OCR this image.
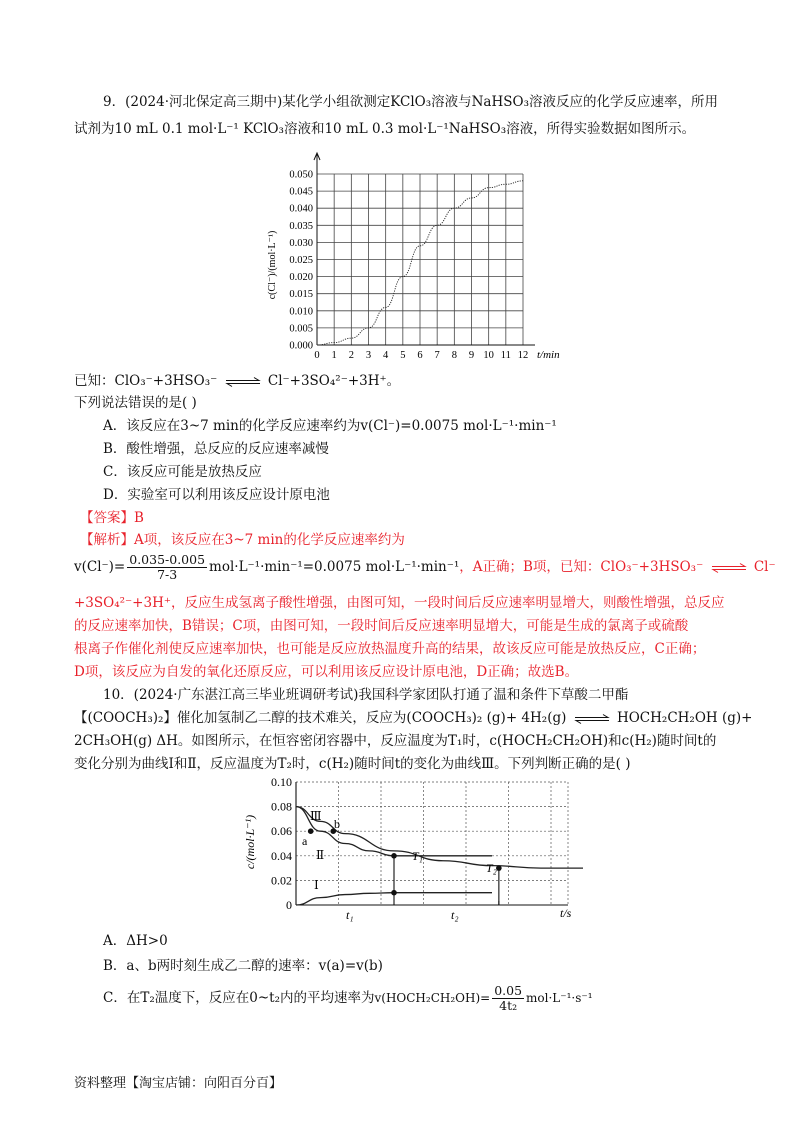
9．(2024·河北保定高三期中)某化学小组欲测定KClO₃溶液与NaHSO₃溶液反应的化学反应速率，所用
试剂为10 mL 0.1 mol·L⁻¹ KClO₃溶液和10 mL 0.3 mol·L⁻¹NaHSO₃溶液，所得实验数据如图所示。
0 1 2 3 4 5 6 7 8 9 10 11 12
0.000
0.005
0.010
0.015
0.020
0.025
0.030
0.035
0.040
0.045
0.050
c(Cl⁻)/(mol·L⁻¹)
t/min
已知：ClO₃⁻+3HSO₃⁻ ⇌ Cl⁻+3SO₄²⁻+3H⁺。
下列说法错误的是( )
A．该反应在3~7 min的化学反应速率约为v(Cl⁻)=0.0075 mol·L⁻¹·min⁻¹
B．酸性增强，总反应的反应速率减慢
C．该反应可能是放热反应
D．实验室可以利用该反应设计原电池
【答案】B
【解析】A项，该反应在3~7 min的化学反应速率约为
$v(Cl^-)= \frac{0.035-0.005}{7-3} mol\cdot L^{-1}\cdot\min^{-1}=0.0075$ mol·L⁻¹·min⁻¹，A正确；B项，已知：ClO₃⁻+3HSO₃⁻ ⇌ Cl⁻
+3SO₄²⁻+3H⁺，反应生成氢离子酸性增强，由图可知，一段时间后反应速率明显增大，则酸性增强，总反应
的反应速率加快，B错误；C项，由图可知，一段时间后反应速率明显增大，可能是生成的氯离子或硫酸
根离子作催化剂使反应速率加快，也可能是反应放热温度升高的结果，故该反应可能是放热反应，C正确；
D项，该反应为自发的氧化还原反应，可以利用该反应设计原电池，D正确；故选B。
10．(2024·广东湛江高三毕业班调研考试)我国科学家团队打通了温和条件下草酸二甲酯
【(COOCH₃)₂】催化加氢制乙二醇的技术难关，反应为(COOCH₃)₂ (g)+ 4H₂(g) ⇌ HOCH₂CH₂OH (g)+
2CH₃OH(g) ΔH。如图所示，在恒容密闭容器中，反应温度为T₁时，c(HOCH₂CH₂OH)和c(H₂)随时间t的
变化分别为曲线Ⅰ和Ⅱ，反应温度为T₂时，c(H₂)随时间t的变化为曲线Ⅲ。下列判断正确的是( )
0
0.02
0.04
0.06
0.08
0.10
c/(mol·L⁻¹)
t/s
Ⅲ
b
a
Ⅱ
Ⅰ
T₁
T₂
t₁	t₂
A．ΔH>0
B．a、b两时刻生成乙二醇的速率：v(a)=v(b)
C．在T₂温度下，反应在0~t₂内的平均速率为v(HOCH₂CH₂OH)= $\frac{0.05}{\text{4t₂}} mol\cdot L^{-1}\cdot s^{-1}$
资料整理【淘宝店铺：向阳百分百】
